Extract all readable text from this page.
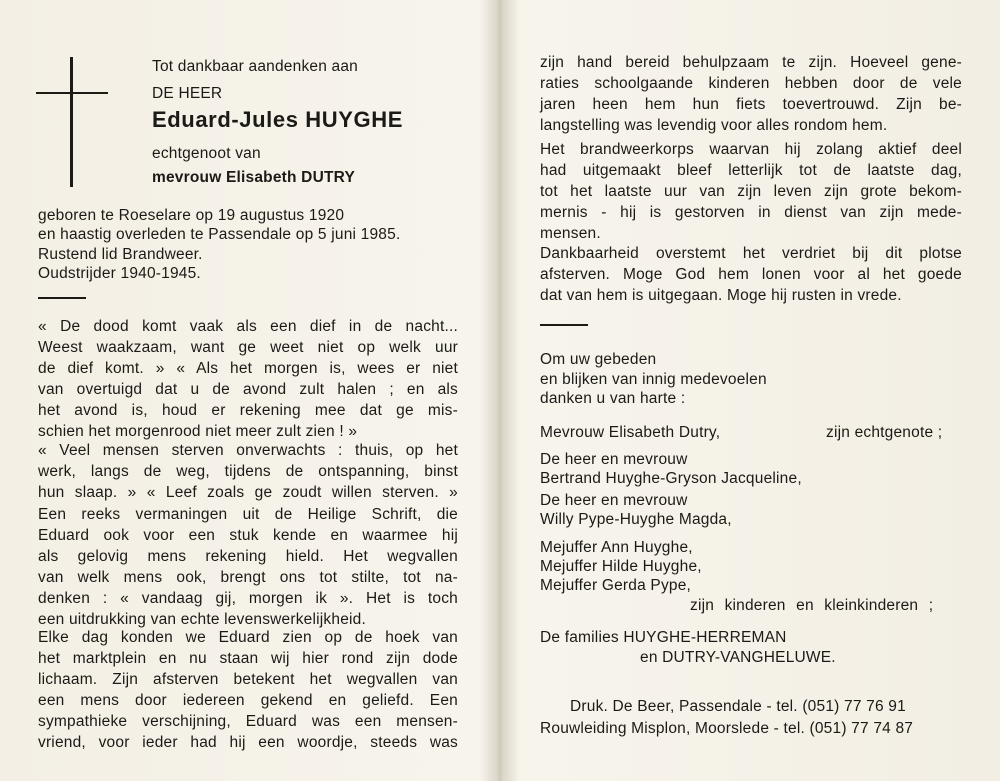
Tot dankbaar aandenken aan
DE HEER
Eduard-Jules HUYGHE
echtgenoot van
mevrouw Elisabeth DUTRY
geboren te Roeselare op 19 augustus 1920
en haastig overleden te Passendale op 5 juni 1985.
Rustend lid Brandweer.
Oudstrijder 1940-1945.
« De dood komt vaak als een dief in de nacht...
Weest waakzaam, want ge weet niet op welk uur
de dief komt. » « Als het morgen is, wees er niet
van overtuigd dat u de avond zult halen ; en als
het avond is, houd er rekening mee dat ge mis-
schien het morgenrood niet meer zult zien ! »
« Veel mensen sterven onverwachts : thuis, op het
werk, langs de weg, tijdens de ontspanning, binst
hun slaap. » « Leef zoals ge zoudt willen sterven. »
Een reeks vermaningen uit de Heilige Schrift, die
Eduard ook voor een stuk kende en waarmee hij
als gelovig mens rekening hield. Het wegvallen
van welk mens ook, brengt ons tot stilte, tot na-
denken : « vandaag gij, morgen ik ». Het is toch
een uitdrukking van echte levenswerkelijkheid.
Elke dag konden we Eduard zien op de hoek van
het marktplein en nu staan wij hier rond zijn dode
lichaam. Zijn afsterven betekent het wegvallen van
een mens door iedereen gekend en geliefd. Een
sympathieke verschijning, Eduard was een mensen-
vriend, voor ieder had hij een woordje, steeds was
zijn hand bereid behulpzaam te zijn. Hoeveel gene-
raties schoolgaande kinderen hebben door de vele
jaren heen hem hun fiets toevertrouwd. Zijn be-
langstelling was levendig voor alles rondom hem.
Het brandweerkorps waarvan hij zolang aktief deel
had uitgemaakt bleef letterlijk tot de laatste dag,
tot het laatste uur van zijn leven zijn grote bekom-
mernis - hij is gestorven in dienst van zijn mede-
mensen.
Dankbaarheid overstemt het verdriet bij dit plotse
afsterven. Moge God hem lonen voor al het goede
dat van hem is uitgegaan. Moge hij rusten in vrede.
Om uw gebeden
en blijken van innig medevoelen
danken u van harte :
Mevrouw Elisabeth Dutry,	zijn echtgenote ;
De heer en mevrouw
Bertrand Huyghe-Gryson Jacqueline,
De heer en mevrouw
Willy Pype-Huyghe Magda,
Mejuffer Ann Huyghe,
Mejuffer Hilde Huyghe,
Mejuffer Gerda Pype,
zijn kinderen en kleinkinderen ;
De families HUYGHE-HERREMAN
en DUTRY-VANGHELUWE.
Druk. De Beer, Passendale - tel. (051) 77 76 91
Rouwleiding Misplon, Moorslede - tel. (051) 77 74 87
